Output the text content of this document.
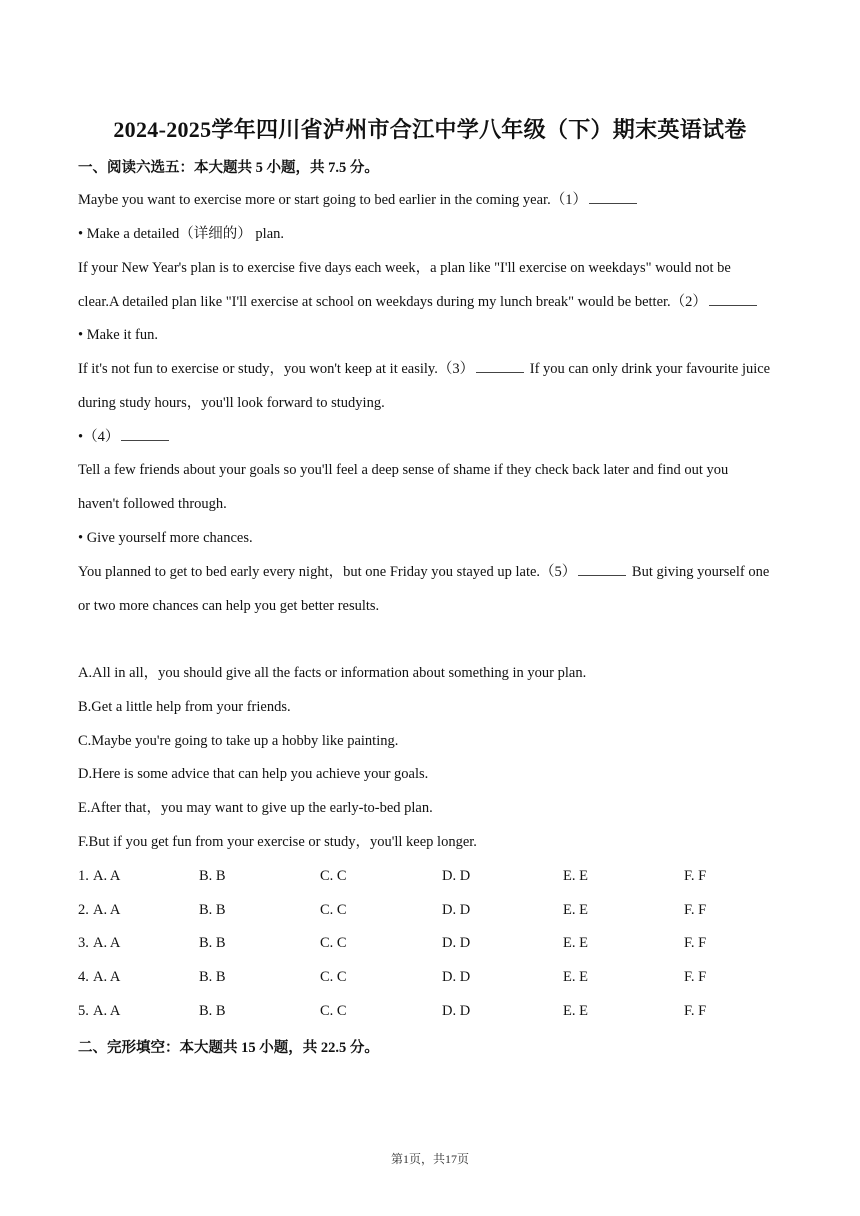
2024-2025学年四川省泸州市合江中学八年级（下）期末英语试卷
一、阅读六选五：本大题共 5 小题，共 7.5 分。
Maybe you want to exercise more or start going to bed earlier in the coming year.（1）
• Make a detailed（详细的） plan.
If your New Year's plan is to exercise five days each week，a plan like "I'll exercise on weekdays" would not be
clear.A detailed plan like "I'll exercise at school on weekdays during my lunch break" would be better.（2）
• Make it fun.
If it's not fun to exercise or study，you won't keep at it easily.（3）	If you can only drink your favourite juice
during study hours，you'll look forward to studying.
•（4）
Tell a few friends about your goals so you'll feel a deep sense of shame if they check back later and find out you
haven't followed through.
• Give yourself more chances.
You planned to get to bed early every night，but one Friday you stayed up late.（5）	But giving yourself one
or two more chances can help you get better results.
A.All in all，you should give all the facts or information about something in your plan.
B.Get a little help from your friends.
C.Maybe you're going to take up a hobby like painting.
D.Here is some advice that can help you achieve your goals.
E.After that，you may want to give up the early-to-bed plan.
F.But if you get fun from your exercise or study，you'll keep longer.
1. A. A	B. B	C. C	D. D	E. E	F. F
2. A. A	B. B	C. C	D. D	E. E	F. F
3. A. A	B. B	C. C	D. D	E. E	F. F
4. A. A	B. B	C. C	D. D	E. E	F. F
5. A. A	B. B	C. C	D. D	E. E	F. F
二、完形填空：本大题共 15 小题，共 22.5 分。
第1页，共17页
